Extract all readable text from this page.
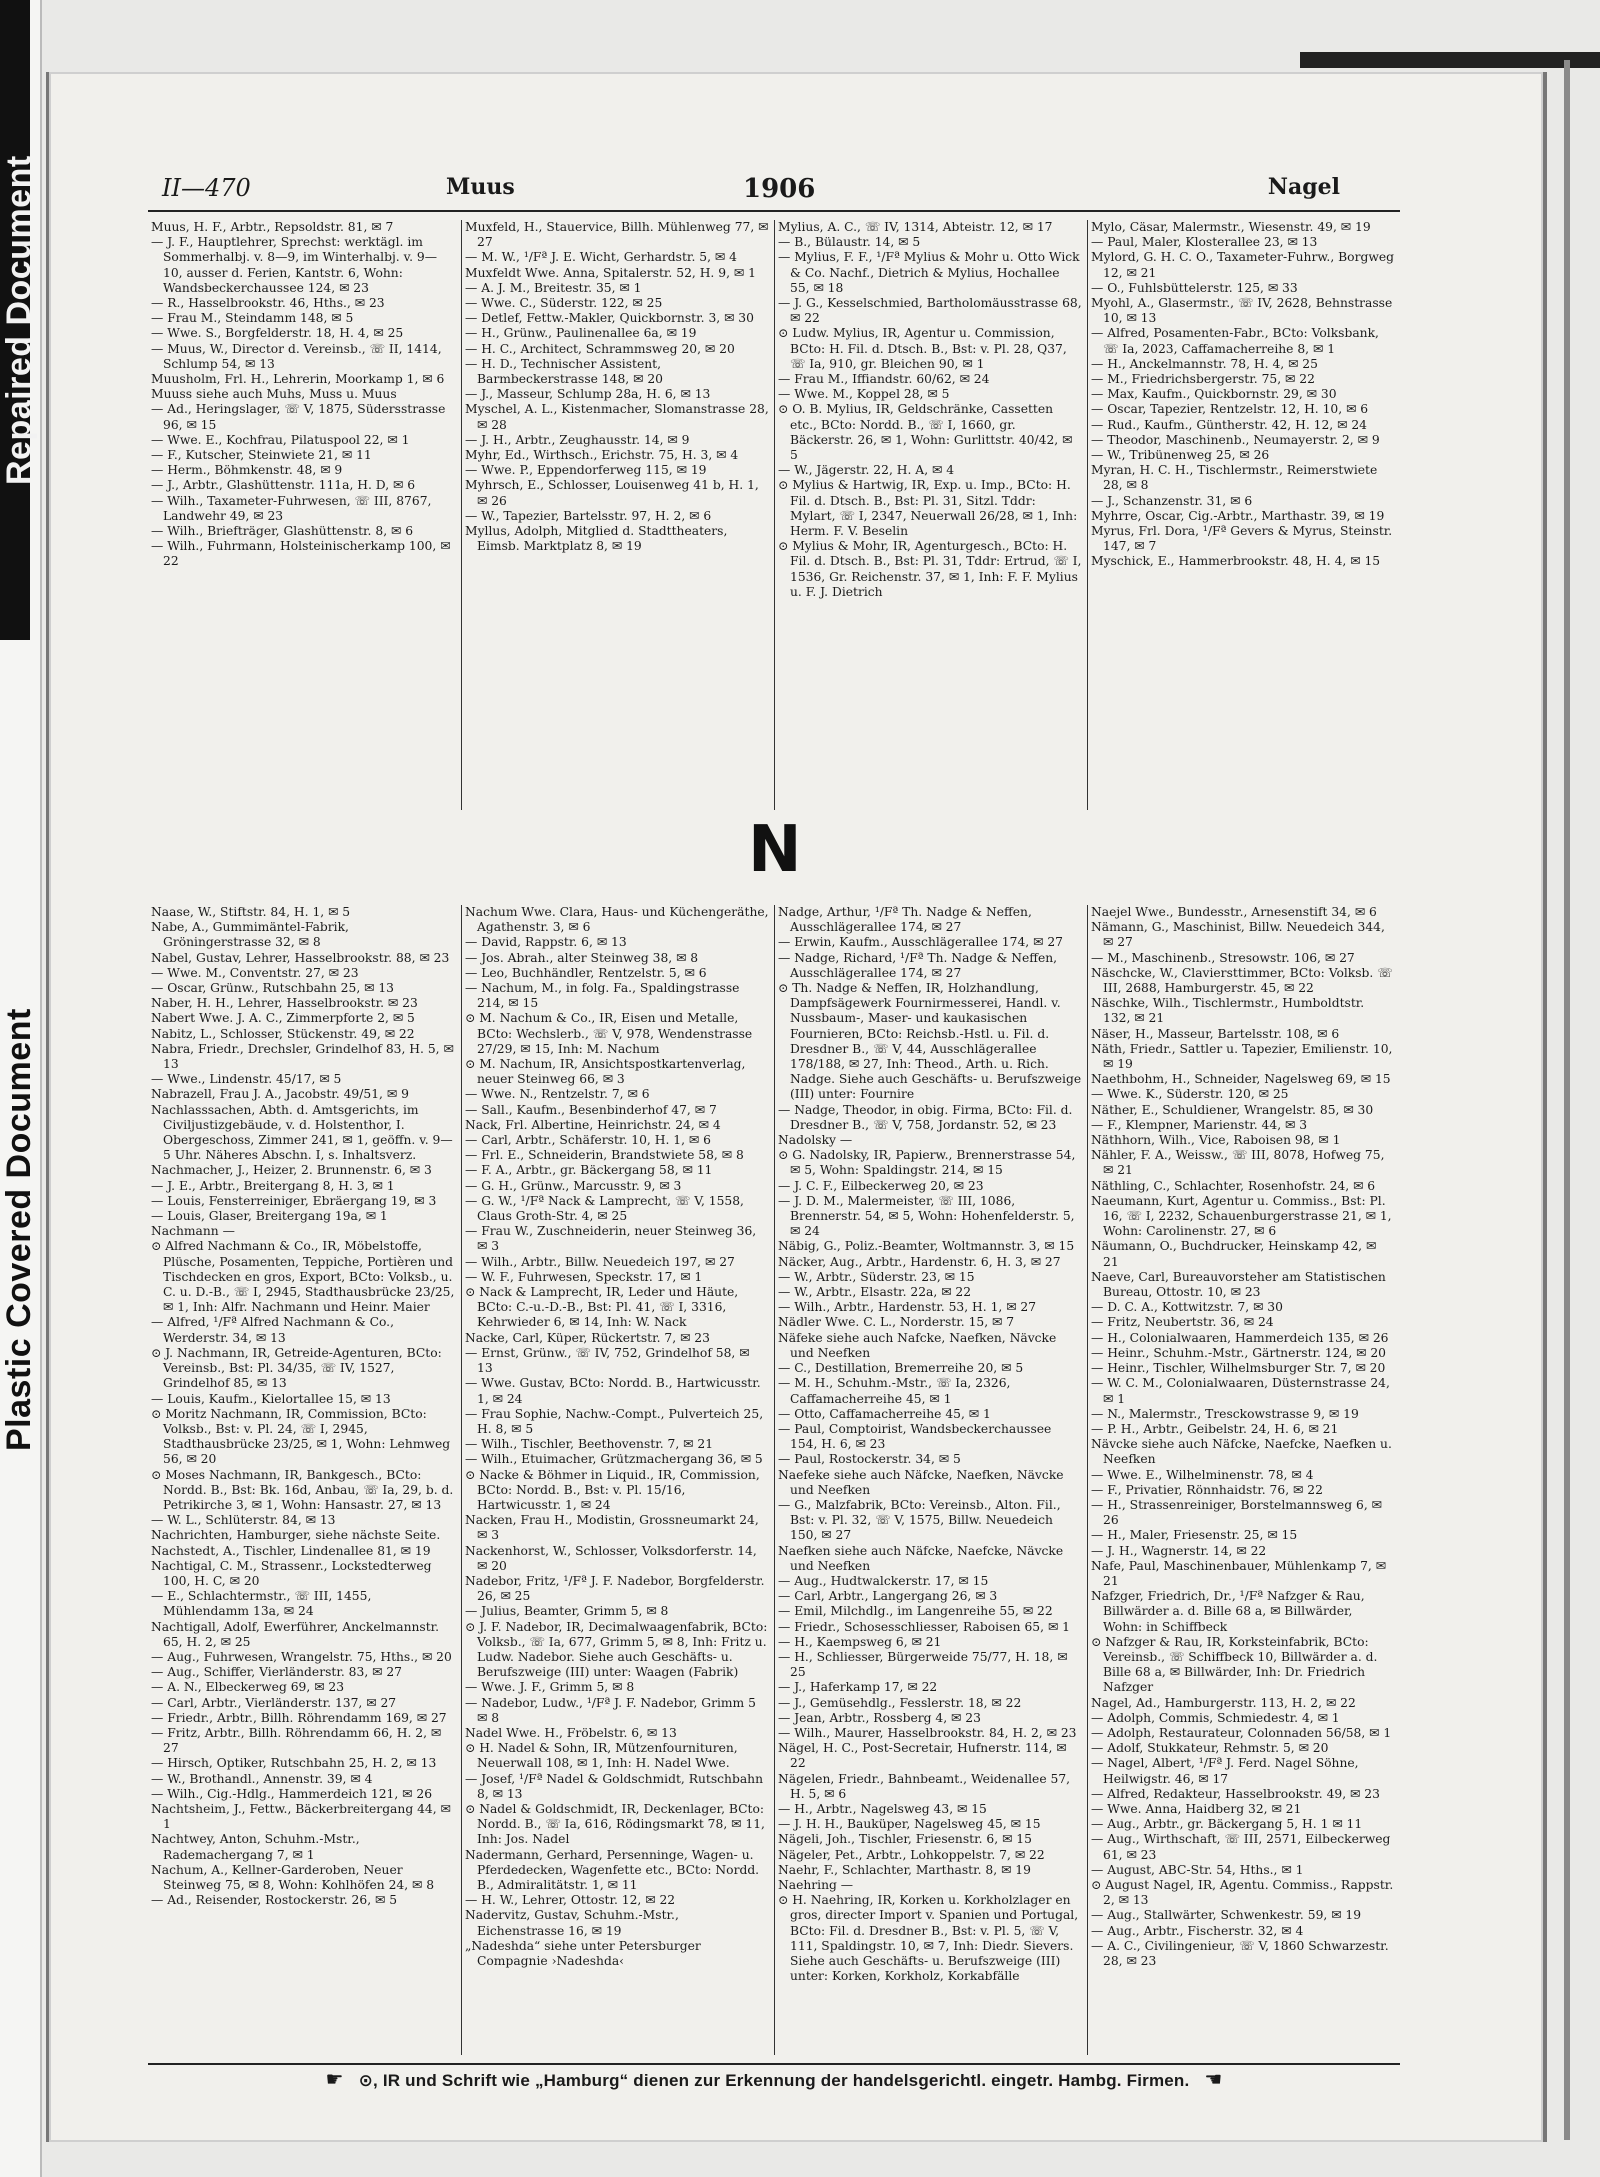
Repaired Document
Plastic Covered Document
II—470	Muus	1906	Nagel

Muus, H. F., Arbtr., Repsoldstr. 81, ✉ 7

— J. F., Hauptlehrer, Sprechst: werktägl. im Sommerhalbj. v. 8—9, im Winterhalbj. v. 9—10, ausser d. Ferien, Kantstr. 6, Wohn: Wandsbeckerchaussee 124, ✉ 23

— R., Hasselbrookstr. 46, Hths., ✉ 23

— Frau M., Steindamm 148, ✉ 5

— Wwe. S., Borgfelderstr. 18, H. 4, ✉ 25

— Muus, W., Director d. Vereinsb., ☏ II, 1414, Schlump 54, ✉ 13

Muusholm, Frl. H., Lehrerin, Moorkamp 1, ✉ 6

Muuss siehe auch Muhs, Muss u. Muus

— Ad., Heringslager, ☏ V, 1875, Südersstrasse 96, ✉ 15

— Wwe. E., Kochfrau, Pilatuspool 22, ✉ 1

— F., Kutscher, Steinwiete 21, ✉ 11

— Herm., Böhmkenstr. 48, ✉ 9

— J., Arbtr., Glashüttenstr. 111a, H. D, ✉ 6

— Wilh., Taxameter-Fuhrwesen, ☏ III, 8767, Landwehr 49, ✉ 23

— Wilh., Briefträger, Glashüttenstr. 8, ✉ 6

— Wilh., Fuhrmann, Holsteinischerkamp 100, ✉ 22

Muxfeld, H., Stauervice, Billh. Mühlenweg 77, ✉ 27

— M. W., ¹/Fª J. E. Wicht, Gerhardstr. 5, ✉ 4

Muxfeldt Wwe. Anna, Spitalerstr. 52, H. 9, ✉ 1

— A. J. M., Breitestr. 35, ✉ 1

— Wwe. C., Süderstr. 122, ✉ 25

— Detlef, Fettw.-Makler, Quickbornstr. 3, ✉ 30

— H., Grünw., Paulinenallee 6a, ✉ 19

— H. C., Architect, Schrammsweg 20, ✉ 20

— H. D., Technischer Assistent, Barmbeckerstrasse 148, ✉ 20

— J., Masseur, Schlump 28a, H. 6, ✉ 13

Myschel, A. L., Kistenmacher, Slomanstrasse 28, ✉ 28

— J. H., Arbtr., Zeughausstr. 14, ✉ 9

Myhr, Ed., Wirthsch., Erichstr. 75, H. 3, ✉ 4

— Wwe. P., Eppendorferweg 115, ✉ 19

Myhrsch, E., Schlosser, Louisenweg 41 b, H. 1, ✉ 26

— W., Tapezier, Bartelsstr. 97, H. 2, ✉ 6

Myllus, Adolph, Mitglied d. Stadttheaters, Eimsb. Marktplatz 8, ✉ 19

Mylius, A. C., ☏ IV, 1314, Abteistr. 12, ✉ 17

— B., Bülaustr. 14, ✉ 5

— Mylius, F. F., ¹/Fª Mylius & Mohr u. Otto Wick & Co. Nachf., Dietrich & Mylius, Hochallee 55, ✉ 18

— J. G., Kesselschmied, Bartholomäusstrasse 68, ✉ 22

⊙ Ludw. Mylius, IR, Agentur u. Commission, BCto: H. Fil. d. Dtsch. B., Bst: v. Pl. 28, Q37, ☏ Ia, 910, gr. Bleichen 90, ✉ 1

— Frau M., Iffiandstr. 60/62, ✉ 24

— Wwe. M., Koppel 28, ✉ 5

⊙ O. B. Mylius, IR, Geldschränke, Cassetten etc., BCto: Nordd. B., ☏ I, 1660, gr. Bäckerstr. 26, ✉ 1, Wohn: Gurlittstr. 40/42, ✉ 5

— W., Jägerstr. 22, H. A, ✉ 4

⊙ Mylius & Hartwig, IR, Exp. u. Imp., BCto: H. Fil. d. Dtsch. B., Bst: Pl. 31, Sitzl. Tddr: Mylart, ☏ I, 2347, Neuerwall 26/28, ✉ 1, Inh: Herm. F. V. Beselin

⊙ Mylius & Mohr, IR, Agenturgesch., BCto: H. Fil. d. Dtsch. B., Bst: Pl. 31, Tddr: Ertrud, ☏ I, 1536, Gr. Reichenstr. 37, ✉ 1, Inh: F. F. Mylius u. F. J. Dietrich

Mylo, Cäsar, Malermstr., Wiesenstr. 49, ✉ 19

— Paul, Maler, Klosterallee 23, ✉ 13

Mylord, G. H. C. O., Taxameter-Fuhrw., Borgweg 12, ✉ 21

— O., Fuhlsbüttelerstr. 125, ✉ 33

Myohl, A., Glasermstr., ☏ IV, 2628, Behnstrasse 10, ✉ 13

— Alfred, Posamenten-Fabr., BCto: Volksbank, ☏ Ia, 2023, Caffamacherreihe 8, ✉ 1

— H., Anckelmannstr. 78, H. 4, ✉ 25

— M., Friedrichsbergerstr. 75, ✉ 22

— Max, Kaufm., Quickbornstr. 29, ✉ 30

— Oscar, Tapezier, Rentzelstr. 12, H. 10, ✉ 6

— Rud., Kaufm., Güntherstr. 42, H. 12, ✉ 24

— Theodor, Maschinenb., Neumayerstr. 2, ✉ 9

— W., Tribünenweg 25, ✉ 26

Myran, H. C. H., Tischlermstr., Reimerstwiete 28, ✉ 8

— J., Schanzenstr. 31, ✉ 6

Myhrre, Oscar, Cig.-Arbtr., Marthastr. 39, ✉ 19

Myrus, Frl. Dora, ¹/Fª Gevers & Myrus, Steinstr. 147, ✉ 7

Myschick, E., Hammerbrookstr. 48, H. 4, ✉ 15

N

Naase, W., Stiftstr. 84, H. 1, ✉ 5

Nabe, A., Gummimäntel-Fabrik, Gröningerstrasse 32, ✉ 8

Nabel, Gustav, Lehrer, Hasselbrookstr. 88, ✉ 23

— Wwe. M., Conventstr. 27, ✉ 23

— Oscar, Grünw., Rutschbahn 25, ✉ 13

Naber, H. H., Lehrer, Hasselbrookstr. ✉ 23

Nabert Wwe. J. A. C., Zimmerpforte 2, ✉ 5

Nabitz, L., Schlosser, Stückenstr. 49, ✉ 22

Nabra, Friedr., Drechsler, Grindelhof 83, H. 5, ✉ 13

— Wwe., Lindenstr. 45/17, ✉ 5

Nabrazell, Frau J. A., Jacobstr. 49/51, ✉ 9

Nachlasssachen, Abth. d. Amtsgerichts, im Civiljustizgebäude, v. d. Holstenthor, I. Obergeschoss, Zimmer 241, ✉ 1, geöffn. v. 9—5 Uhr. Näheres Abschn. I, s. Inhaltsverz.

Nachmacher, J., Heizer, 2. Brunnenstr. 6, ✉ 3

— J. E., Arbtr., Breitergang 8, H. 3, ✉ 1

— Louis, Fensterreiniger, Ebräergang 19, ✉ 3

— Louis, Glaser, Breitergang 19a, ✉ 1

Nachmann —

⊙ Alfred Nachmann & Co., IR, Möbelstoffe, Plüsche, Posamenten, Teppiche, Portièren und Tischdecken en gros, Export, BCto: Volksb., u. C. u. D.-B., ☏ I, 2945, Stadthausbrücke 23/25, ✉ 1, Inh: Alfr. Nachmann und Heinr. Maier

— Alfred, ¹/Fª Alfred Nachmann & Co., Werderstr. 34, ✉ 13

⊙ J. Nachmann, IR, Getreide-Agenturen, BCto: Vereinsb., Bst: Pl. 34/35, ☏ IV, 1527, Grindelhof 85, ✉ 13

— Louis, Kaufm., Kielortallee 15, ✉ 13

⊙ Moritz Nachmann, IR, Commission, BCto: Volksb., Bst: v. Pl. 24, ☏ I, 2945, Stadthausbrücke 23/25, ✉ 1, Wohn: Lehmweg 56, ✉ 20

⊙ Moses Nachmann, IR, Bankgesch., BCto: Nordd. B., Bst: Bk. 16d, Anbau, ☏ Ia, 29, b. d. Petrikirche 3, ✉ 1, Wohn: Hansastr. 27, ✉ 13

— W. L., Schlüterstr. 84, ✉ 13

Nachrichten, Hamburger, siehe nächste Seite.

Nachstedt, A., Tischler, Lindenallee 81, ✉ 19

Nachtigal, C. M., Strassenr., Lockstedterweg 100, H. C, ✉ 20

— E., Schlachtermstr., ☏ III, 1455, Mühlendamm 13a, ✉ 24

Nachtigall, Adolf, Ewerführer, Anckelmannstr. 65, H. 2, ✉ 25

— Aug., Fuhrwesen, Wrangelstr. 75, Hths., ✉ 20

— Aug., Schiffer, Vierländerstr. 83, ✉ 27

— A. N., Elbeckerweg 69, ✉ 23

— Carl, Arbtr., Vierländerstr. 137, ✉ 27

— Friedr., Arbtr., Billh. Röhrendamm 169, ✉ 27

— Fritz, Arbtr., Billh. Röhrendamm 66, H. 2, ✉ 27

— Hirsch, Optiker, Rutschbahn 25, H. 2, ✉ 13

— W., Brothandl., Annenstr. 39, ✉ 4

— Wilh., Cig.-Hdlg., Hammerdeich 121, ✉ 26

Nachtsheim, J., Fettw., Bäckerbreitergang 44, ✉ 1

Nachtwey, Anton, Schuhm.-Mstr., Rademachergang 7, ✉ 1

Nachum, A., Kellner-Garderoben, Neuer Steinweg 75, ✉ 8, Wohn: Kohlhöfen 24, ✉ 8

— Ad., Reisender, Rostockerstr. 26, ✉ 5

Nachum Wwe. Clara, Haus- und Küchengeräthe, Agathenstr. 3, ✉ 6

— David, Rappstr. 6, ✉ 13

— Jos. Abrah., alter Steinweg 38, ✉ 8

— Leo, Buchhändler, Rentzelstr. 5, ✉ 6

— Nachum, M., in folg. Fa., Spaldingstrasse 214, ✉ 15

⊙ M. Nachum & Co., IR, Eisen und Metalle, BCto: Wechslerb., ☏ V, 978, Wendenstrasse 27/29, ✉ 15, Inh: M. Nachum

⊙ M. Nachum, IR, Ansichtspostkartenverlag, neuer Steinweg 66, ✉ 3

— Wwe. N., Rentzelstr. 7, ✉ 6

— Sall., Kaufm., Besenbinderhof 47, ✉ 7

Nack, Frl. Albertine, Heinrichstr. 24, ✉ 4

— Carl, Arbtr., Schäferstr. 10, H. 1, ✉ 6

— Frl. E., Schneiderin, Brandstwiete 58, ✉ 8

— F. A., Arbtr., gr. Bäckergang 58, ✉ 11

— G. H., Grünw., Marcusstr. 9, ✉ 3

— G. W., ¹/Fª Nack & Lamprecht, ☏ V, 1558, Claus Groth-Str. 4, ✉ 25

— Frau W., Zuschneiderin, neuer Steinweg 36, ✉ 3

— Wilh., Arbtr., Billw. Neuedeich 197, ✉ 27

— W. F., Fuhrwesen, Speckstr. 17, ✉ 1

⊙ Nack & Lamprecht, IR, Leder und Häute, BCto: C.-u.-D.-B., Bst: Pl. 41, ☏ I, 3316, Kehrwieder 6, ✉ 14, Inh: W. Nack

Nacke, Carl, Küper, Rückertstr. 7, ✉ 23

— Ernst, Grünw., ☏ IV, 752, Grindelhof 58, ✉ 13

— Wwe. Gustav, BCto: Nordd. B., Hartwicusstr. 1, ✉ 24

— Frau Sophie, Nachw.-Compt., Pulverteich 25, H. 8, ✉ 5

— Wilh., Tischler, Beethovenstr. 7, ✉ 21

— Wilh., Etuimacher, Grützmachergang 36, ✉ 5

⊙ Nacke & Böhmer in Liquid., IR, Commission, BCto: Nordd. B., Bst: v. Pl. 15/16, Hartwicusstr. 1, ✉ 24

Nacken, Frau H., Modistin, Grossneumarkt 24, ✉ 3

Nackenhorst, W., Schlosser, Volksdorferstr. 14, ✉ 20

Nadebor, Fritz, ¹/Fª J. F. Nadebor, Borgfelderstr. 26, ✉ 25

— Julius, Beamter, Grimm 5, ✉ 8

⊙ J. F. Nadebor, IR, Decimalwaagenfabrik, BCto: Volksb., ☏ Ia, 677, Grimm 5, ✉ 8, Inh: Fritz u. Ludw. Nadebor. Siehe auch Geschäfts- u. Berufszweige (III) unter: Waagen (Fabrik)

— Wwe. J. F., Grimm 5, ✉ 8

— Nadebor, Ludw., ¹/Fª J. F. Nadebor, Grimm 5 ✉ 8

Nadel Wwe. H., Fröbelstr. 6, ✉ 13

⊙ H. Nadel & Sohn, IR, Mützenfournituren, Neuerwall 108, ✉ 1, Inh: H. Nadel Wwe.

— Josef, ¹/Fª Nadel & Goldschmidt, Rutschbahn 8, ✉ 13

⊙ Nadel & Goldschmidt, IR, Deckenlager, BCto: Nordd. B., ☏ Ia, 616, Rödingsmarkt 78, ✉ 11, Inh: Jos. Nadel

Nadermann, Gerhard, Persenninge, Wagen- u. Pferdedecken, Wagenfette etc., BCto: Nordd. B., Admiralitätstr. 1, ✉ 11

— H. W., Lehrer, Ottostr. 12, ✉ 22

Nadervitz, Gustav, Schuhm.-Mstr., Eichenstrasse 16, ✉ 19

„Nadeshda“ siehe unter Petersburger Compagnie ›Nadeshda‹

Nadge, Arthur, ¹/Fª Th. Nadge & Neffen, Ausschlägerallee 174, ✉ 27

— Erwin, Kaufm., Ausschlägerallee 174, ✉ 27

— Nadge, Richard, ¹/Fª Th. Nadge & Neffen, Ausschlägerallee 174, ✉ 27

⊙ Th. Nadge & Neffen, IR, Holzhandlung, Dampfsägewerk Fournirmesserei, Handl. v. Nussbaum-, Maser- und kaukasischen Fournieren, BCto: Reichsb.-Hstl. u. Fil. d. Dresdner B., ☏ V, 44, Ausschlägerallee 178/188, ✉ 27, Inh: Theod., Arth. u. Rich. Nadge. Siehe auch Geschäfts- u. Berufszweige (III) unter: Fournire

— Nadge, Theodor, in obig. Firma, BCto: Fil. d. Dresdner B., ☏ V, 758, Jordanstr. 52, ✉ 23

Nadolsky —

⊙ G. Nadolsky, IR, Papierw., Brennerstrasse 54, ✉ 5, Wohn: Spaldingstr. 214, ✉ 15

— J. C. F., Eilbeckerweg 20, ✉ 23

— J. D. M., Malermeister, ☏ III, 1086, Brennerstr. 54, ✉ 5, Wohn: Hohenfelderstr. 5, ✉ 24

Näbig, G., Poliz.-Beamter, Woltmannstr. 3, ✉ 15

Näcker, Aug., Arbtr., Hardenstr. 6, H. 3, ✉ 27

— W., Arbtr., Süderstr. 23, ✉ 15

— W., Arbtr., Elsastr. 22a, ✉ 22

— Wilh., Arbtr., Hardenstr. 53, H. 1, ✉ 27

Nädler Wwe. C. L., Norderstr. 15, ✉ 7

Näfeke siehe auch Nafcke, Naefken, Nävcke und Neefken

— C., Destillation, Bremerreihe 20, ✉ 5

— M. H., Schuhm.-Mstr., ☏ Ia, 2326, Caffamacherreihe 45, ✉ 1

— Otto, Caffamacherreihe 45, ✉ 1

— Paul, Comptoirist, Wandsbeckerchaussee 154, H. 6, ✉ 23

— Paul, Rostockerstr. 34, ✉ 5

Naefeke siehe auch Näfcke, Naefken, Nävcke und Neefken

— G., Malzfabrik, BCto: Vereinsb., Alton. Fil., Bst: v. Pl. 32, ☏ V, 1575, Billw. Neuedeich 150, ✉ 27

Naefken siehe auch Näfcke, Naefcke, Nävcke und Neefken

— Aug., Hudtwalckerstr. 17, ✉ 15

— Carl, Arbtr., Langergang 26, ✉ 3

— Emil, Milchdlg., im Langenreihe 55, ✉ 22

— Friedr., Schosesschliesser, Raboisen 65, ✉ 1

— H., Kaempsweg 6, ✉ 21

— H., Schliesser, Bürgerweide 75/77, H. 18, ✉ 25

— J., Haferkamp 17, ✉ 22

— J., Gemüsehdlg., Fesslerstr. 18, ✉ 22

— Jean, Arbtr., Rossberg 4, ✉ 23

— Wilh., Maurer, Hasselbrookstr. 84, H. 2, ✉ 23

Nägel, H. C., Post-Secretair, Hufnerstr. 114, ✉ 22

Nägelen, Friedr., Bahnbeamt., Weidenallee 57, H. 5, ✉ 6

— H., Arbtr., Nagelsweg 43, ✉ 15

— J. H. H., Bauküper, Nagelsweg 45, ✉ 15

Nägeli, Joh., Tischler, Friesenstr. 6, ✉ 15

Nägeler, Pet., Arbtr., Lohkoppelstr. 7, ✉ 22

Naehr, F., Schlachter, Marthastr. 8, ✉ 19

Naehring —

⊙ H. Naehring, IR, Korken u. Korkholzlager en gros, directer Import v. Spanien und Portugal, BCto: Fil. d. Dresdner B., Bst: v. Pl. 5, ☏ V, 111, Spaldingstr. 10, ✉ 7, Inh: Diedr. Sievers. Siehe auch Geschäfts- u. Berufszweige (III) unter: Korken, Korkholz, Korkabfälle

Naejel Wwe., Bundesstr., Arnesenstift 34, ✉ 6

Nämann, G., Maschinist, Billw. Neuedeich 344, ✉ 27

— M., Maschinenb., Stresowstr. 106, ✉ 27

Näschcke, W., Claviersttimmer, BCto: Volksb. ☏ III, 2688, Hamburgerstr. 45, ✉ 22

Näschke, Wilh., Tischlermstr., Humboldtstr. 132, ✉ 21

Näser, H., Masseur, Bartelsstr. 108, ✉ 6

Näth, Friedr., Sattler u. Tapezier, Emilienstr. 10, ✉ 19

Naethbohm, H., Schneider, Nagelsweg 69, ✉ 15

— Wwe. K., Süderstr. 120, ✉ 25

Näther, E., Schuldiener, Wrangelstr. 85, ✉ 30

— F., Klempner, Marienstr. 44, ✉ 3

Näthhorn, Wilh., Vice, Raboisen 98, ✉ 1

Nähler, F. A., Weissw., ☏ III, 8078, Hofweg 75, ✉ 21

Näthling, C., Schlachter, Rosenhofstr. 24, ✉ 6

Naeumann, Kurt, Agentur u. Commiss., Bst: Pl. 16, ☏ I, 2232, Schauenburgerstrasse 21, ✉ 1, Wohn: Carolinenstr. 27, ✉ 6

Näumann, O., Buchdrucker, Heinskamp 42, ✉ 21

Naeve, Carl, Bureauvorsteher am Statistischen Bureau, Ottostr. 10, ✉ 23

— D. C. A., Kottwitzstr. 7, ✉ 30

— Fritz, Neubertstr. 36, ✉ 24

— H., Colonialwaaren, Hammerdeich 135, ✉ 26

— Heinr., Schuhm.-Mstr., Gärtnerstr. 124, ✉ 20

— Heinr., Tischler, Wilhelmsburger Str. 7, ✉ 20

— W. C. M., Colonialwaaren, Düsternstrasse 24, ✉ 1

— N., Malermstr., Tresckowstrasse 9, ✉ 19

— P. H., Arbtr., Geibelstr. 24, H. 6, ✉ 21

Nävcke siehe auch Näfcke, Naefcke, Naefken u. Neefken

— Wwe. E., Wilhelminenstr. 78, ✉ 4

— F., Privatier, Rönnhaidstr. 76, ✉ 22

— H., Strassenreiniger, Borstelmannsweg 6, ✉ 26

— H., Maler, Friesenstr. 25, ✉ 15

— J. H., Wagnerstr. 14, ✉ 22

Nafe, Paul, Maschinenbauer, Mühlenkamp 7, ✉ 21

Nafzger, Friedrich, Dr., ¹/Fª Nafzger & Rau, Billwärder a. d. Bille 68 a, ✉ Billwärder, Wohn: in Schiffbeck

⊙ Nafzger & Rau, IR, Korksteinfabrik, BCto: Vereinsb., ☏ Schiffbeck 10, Billwärder a. d. Bille 68 a, ✉ Billwärder, Inh: Dr. Friedrich Nafzger

Nagel, Ad., Hamburgerstr. 113, H. 2, ✉ 22

— Adolph, Commis, Schmiedestr. 4, ✉ 1

— Adolph, Restaurateur, Colonnaden 56/58, ✉ 1

— Adolf, Stukkateur, Rehmstr. 5, ✉ 20

— Nagel, Albert, ¹/Fª J. Ferd. Nagel Söhne, Heilwigstr. 46, ✉ 17

— Alfred, Redakteur, Hasselbrookstr. 49, ✉ 23

— Wwe. Anna, Haidberg 32, ✉ 21

— Aug., Arbtr., gr. Bäckergang 5, H. 1 ✉ 11

— Aug., Wirthschaft, ☏ III, 2571, Eilbeckerweg 61, ✉ 23

— August, ABC-Str. 54, Hths., ✉ 1

⊙ August Nagel, IR, Agentu. Commiss., Rappstr. 2, ✉ 13

— Aug., Stallwärter, Schwenkestr. 59, ✉ 19

— Aug., Arbtr., Fischerstr. 32, ✉ 4

— A. C., Civilingenieur, ☏ V, 1860 Schwarzestr. 28, ✉ 23

☛ ⊙, IR und Schrift wie „Hamburg“ dienen zur Erkennung der handelsgerichtl. eingetr. Hambg. Firmen. ☚
